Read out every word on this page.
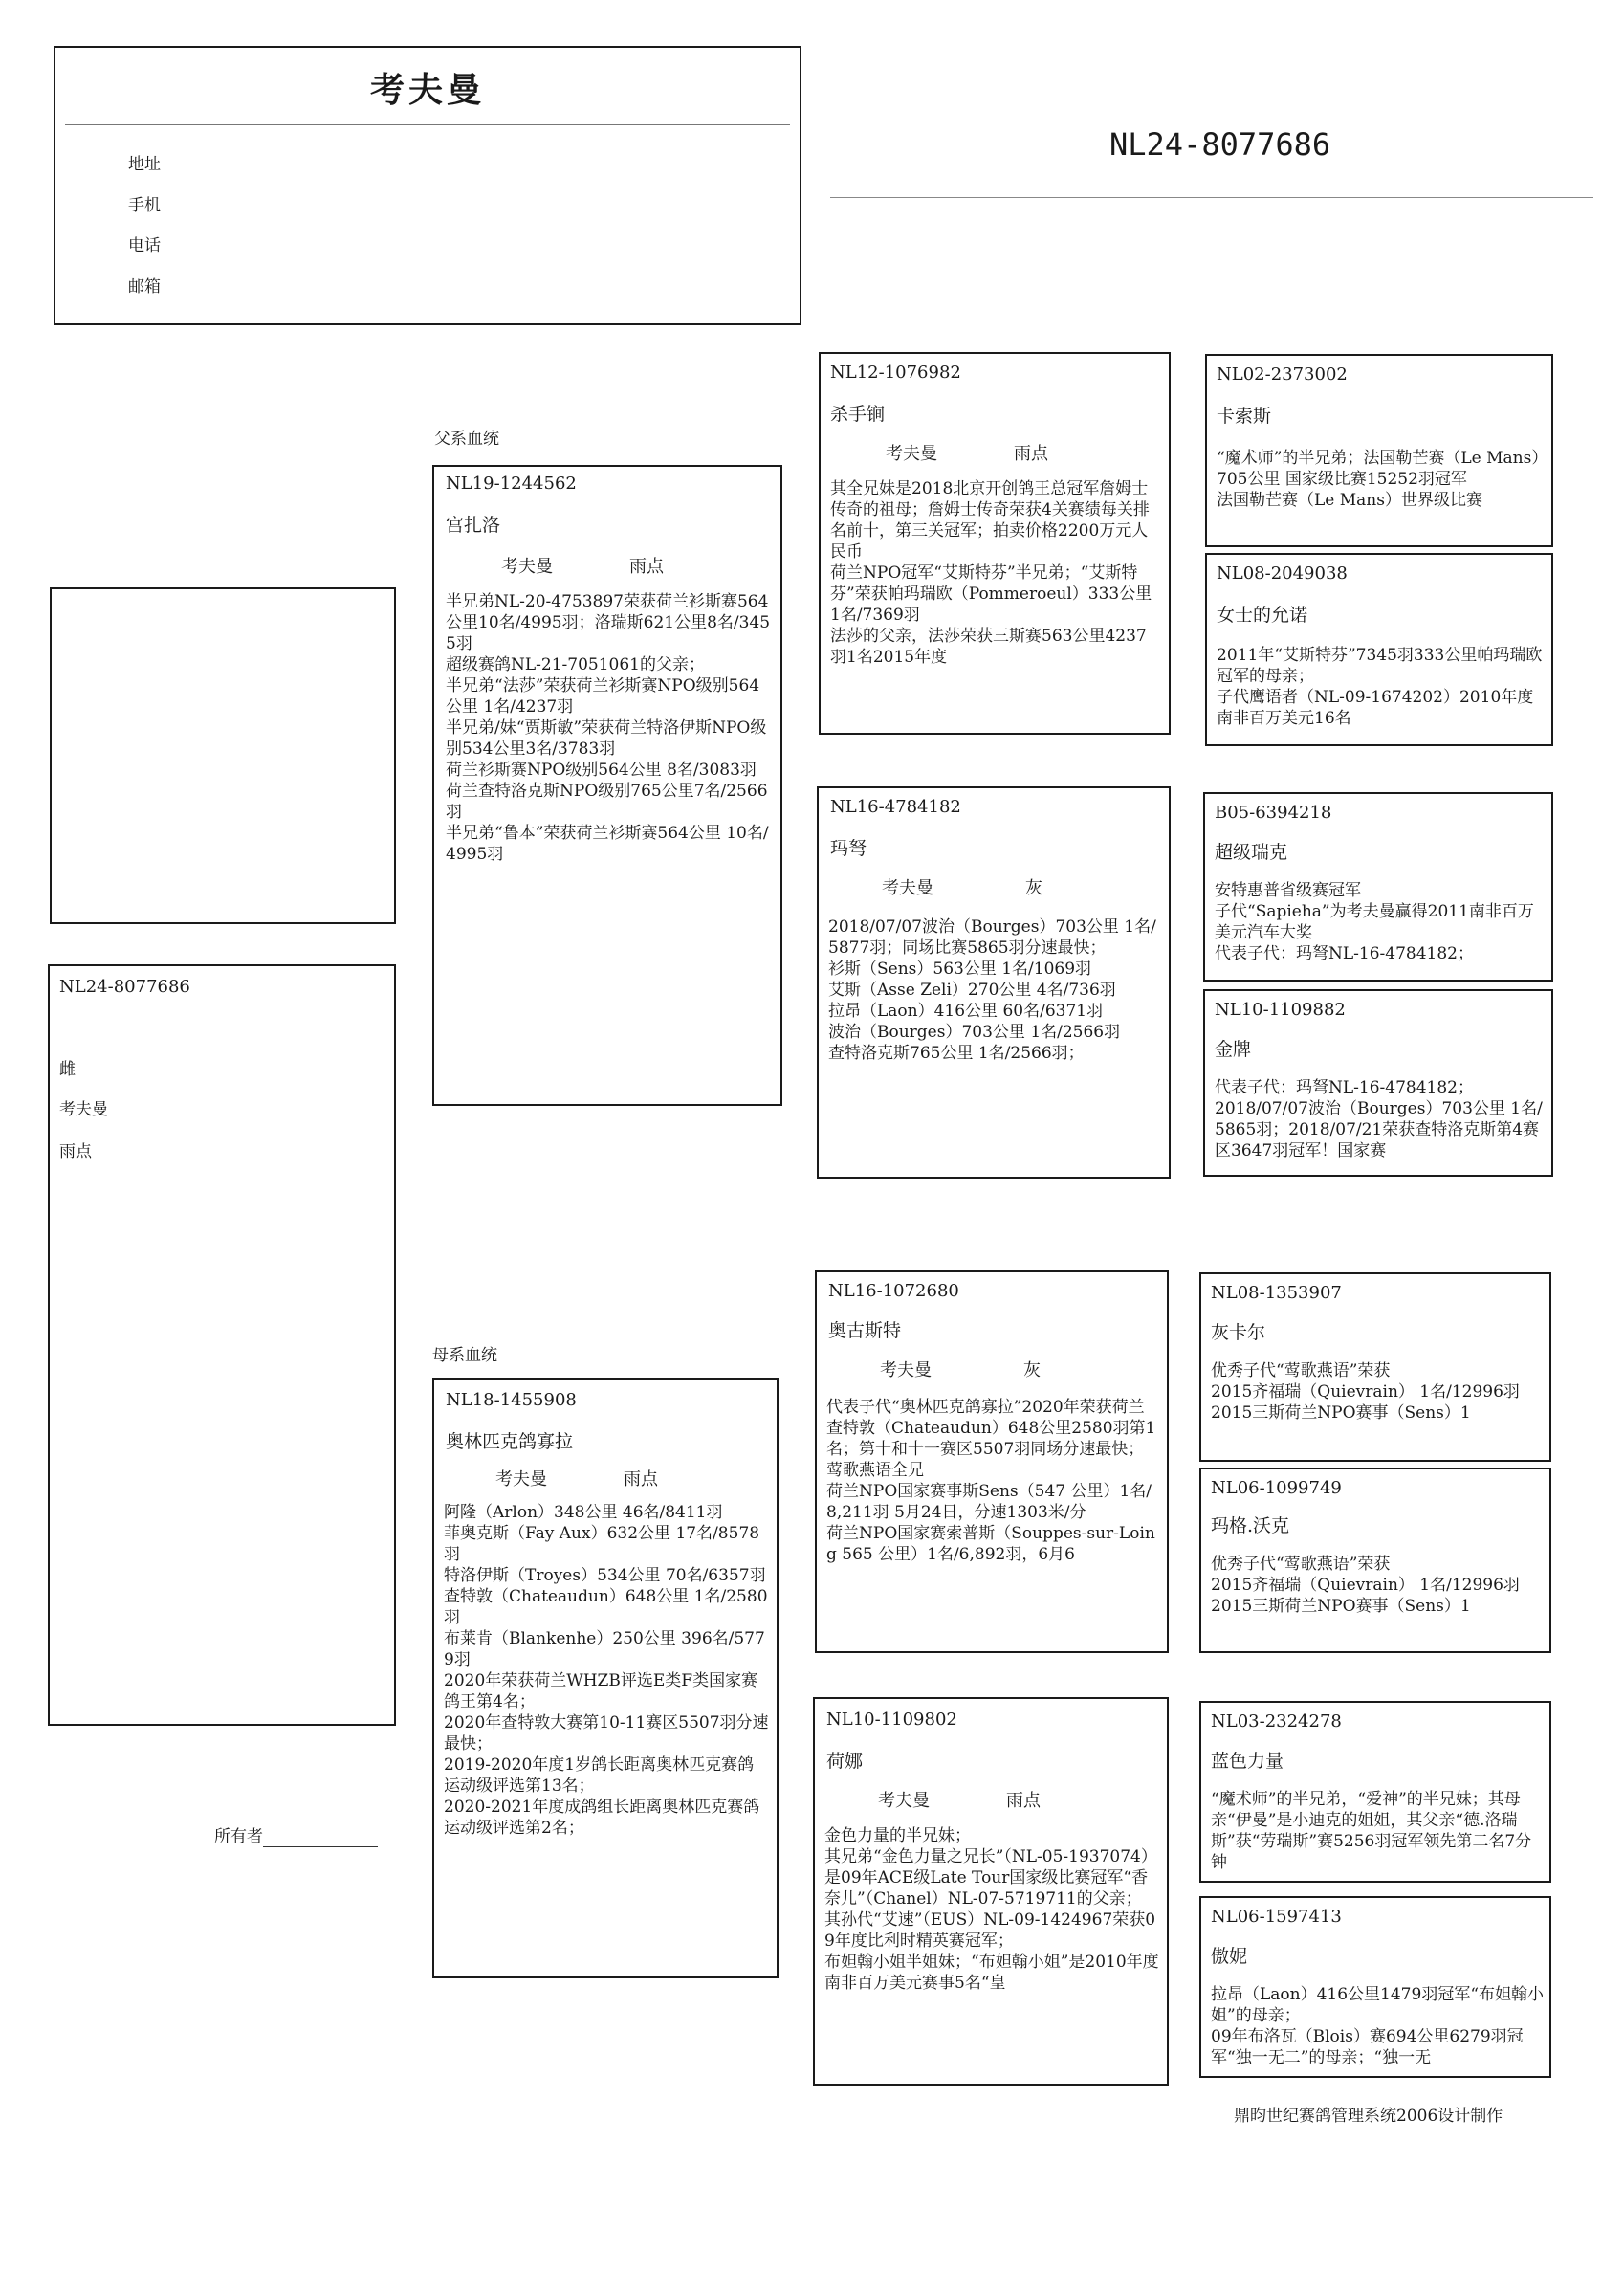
考夫曼
地址
手机
电话
邮箱
NL24-8077686
NL24-8077686
雌
考夫曼
雨点
所有者
父系血统
母系血统
NL19-1244562
宫扎洛
考夫曼	雨点
半兄弟NL-20-4753897荣获荷兰衫斯赛564公里10名/4995羽；洛瑞斯621公里8名/3455羽
超级赛鸽NL-21-7051061的父亲；
半兄弟“法莎”荣获荷兰衫斯赛NPO级别564公里 1名/4237羽
半兄弟/妹“贾斯敏”荣获荷兰特洛伊斯NPO级别534公里3名/3783羽
荷兰衫斯赛NPO级别564公里 8名/3083羽
荷兰查特洛克斯NPO级别765公里7名/2566羽
半兄弟“鲁本”荣获荷兰衫斯赛564公里 10名/4995羽
NL18-1455908
奥林匹克鸽寡拉
考夫曼	雨点
阿隆（Arlon）348公里 46名/8411羽
菲奥克斯（Fay Aux）632公里 17名/8578羽
特洛伊斯（Troyes）534公里 70名/6357羽
查特敦（Chateaudun）648公里 1名/2580羽
布莱肯（Blankenhe）250公里 396名/5779羽
2020年荣获荷兰WHZB评选E类F类国家赛鸽王第4名；
2020年查特敦大赛第10-11赛区5507羽分速最快；
2019-2020年度1岁鸽长距离奥林匹克赛鸽运动级评选第13名；
2020-2021年度成鸽组长距离奥林匹克赛鸽运动级评选第2名；
NL12-1076982
杀手锏
考夫曼	雨点
其全兄妹是2018北京开创鸽王总冠军詹姆士传奇的祖母；詹姆士传奇荣获4关赛绩每关排名前十，第三关冠军；拍卖价格2200万元人民币
荷兰NPO冠军“艾斯特芬”半兄弟；“艾斯特芬”荣获帕玛瑞欧（Pommeroeul）333公里 1名/7369羽
法莎的父亲，法莎荣获三斯赛563公里4237羽1名2015年度
NL16-4784182
玛弩
考夫曼	灰
2018/07/07波治（Bourges）703公里 1名/5877羽；同场比赛5865羽分速最快；
衫斯（Sens）563公里 1名/1069羽
艾斯（Asse Zeli）270公里 4名/736羽
拉昂（Laon）416公里 60名/6371羽
波治（Bourges）703公里 1名/2566羽
查特洛克斯765公里 1名/2566羽；
NL16-1072680
奥古斯特
考夫曼	灰
代表子代“奥林匹克鸽寡拉”2020年荣获荷兰查特敦（Chateaudun）648公里2580羽第1名；第十和十一赛区5507羽同场分速最快；
莺歌燕语全兄
荷兰NPO国家赛事斯Sens（547 公里）1名/ 8,211羽 5月24日，分速1303米/分
荷兰NPO国家赛索普斯（Souppes-sur-Loing 565 公里）1名/6,892羽，6月6
NL10-1109802
荷娜
考夫曼	雨点
金色力量的半兄妹；
其兄弟“金色力量之兄长”（NL-05-1937074）是09年ACE级Late Tour国家级比赛冠军“香奈儿”（Chanel）NL-07-5719711的父亲；
其孙代“艾速”（EUS）NL-09-1424967荣获09年度比利时精英赛冠军；
布妲翰小姐半姐妹；“布妲翰小姐”是2010年度南非百万美元赛事5名“皇
NL02-2373002
卡索斯
“魔术师”的半兄弟；法国勒芒赛（Le Mans）705公里 国家级比赛15252羽冠军
法国勒芒赛（Le Mans）世界级比赛
NL08-2049038
女士的允诺
2011年“艾斯特芬”7345羽333公里帕玛瑞欧冠军的母亲；
子代鹰语者（NL-09-1674202）2010年度南非百万美元16名
B05-6394218
超级瑞克
安特惠普省级赛冠军
子代“Sapieha”为考夫曼赢得2011南非百万美元汽车大奖
代表子代：玛弩NL-16-4784182；
NL10-1109882
金牌
代表子代：玛弩NL-16-4784182；
2018/07/07波治（Bourges）703公里 1名/5865羽；2018/07/21荣获查特洛克斯第4赛区3647羽冠军！国家赛
NL08-1353907
灰卡尔
优秀子代“莺歌燕语”荣获
2015齐福瑞（Quievrain） 1名/12996羽
2015三斯荷兰NPO赛事（Sens）1
NL06-1099749
玛格.沃克
优秀子代“莺歌燕语”荣获
2015齐福瑞（Quievrain） 1名/12996羽
2015三斯荷兰NPO赛事（Sens）1
NL03-2324278
蓝色力量
“魔术师”的半兄弟，“爱神”的半兄妹；其母亲“伊曼”是小迪克的姐姐，其父亲“德.洛瑞斯”获“劳瑞斯”赛5256羽冠军领先第二名7分钟
NL06-1597413
傲妮
拉昂（Laon）416公里1479羽冠军“布妲翰小姐”的母亲；
09年布洛瓦（Blois）赛694公里6279羽冠军“独一无二”的母亲；“独一无
鼎昀世纪赛鸽管理系统2006设计制作
